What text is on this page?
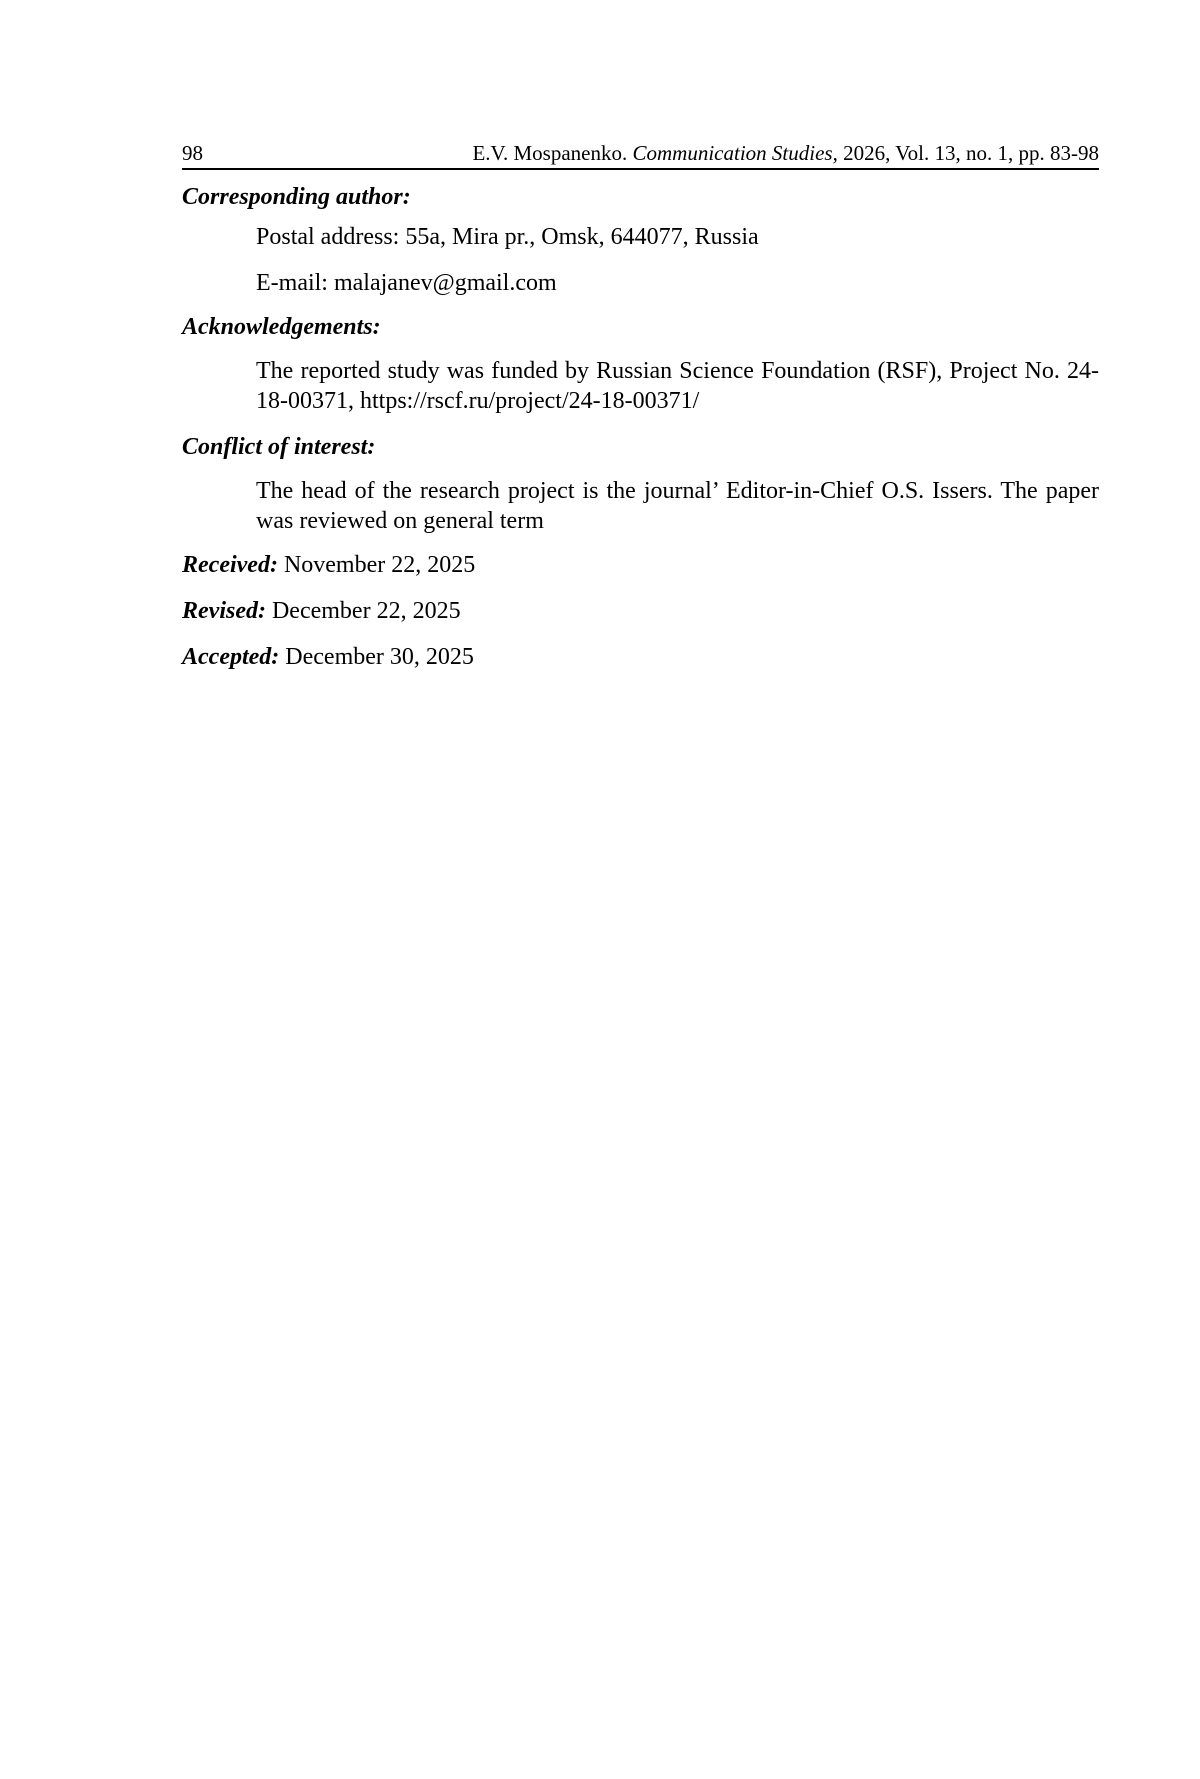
98	E.V. Mospanenko. Communication Studies, 2026, Vol. 13, no. 1, pp. 83-98
Corresponding author:
Postal address: 55a, Mira pr., Omsk, 644077, Russia
E-mail: malajanev@gmail.com
Acknowledgements:
The reported study was funded by Russian Science Foundation (RSF), Project No. 24-18-00371, https://rscf.ru/project/24-18-00371/
Conflict of interest:
The head of the research project is the journal’ Editor-in-Chief O.S. Issers. The paper was reviewed on general term
Received: November 22, 2025
Revised: December 22, 2025
Accepted: December 30, 2025
